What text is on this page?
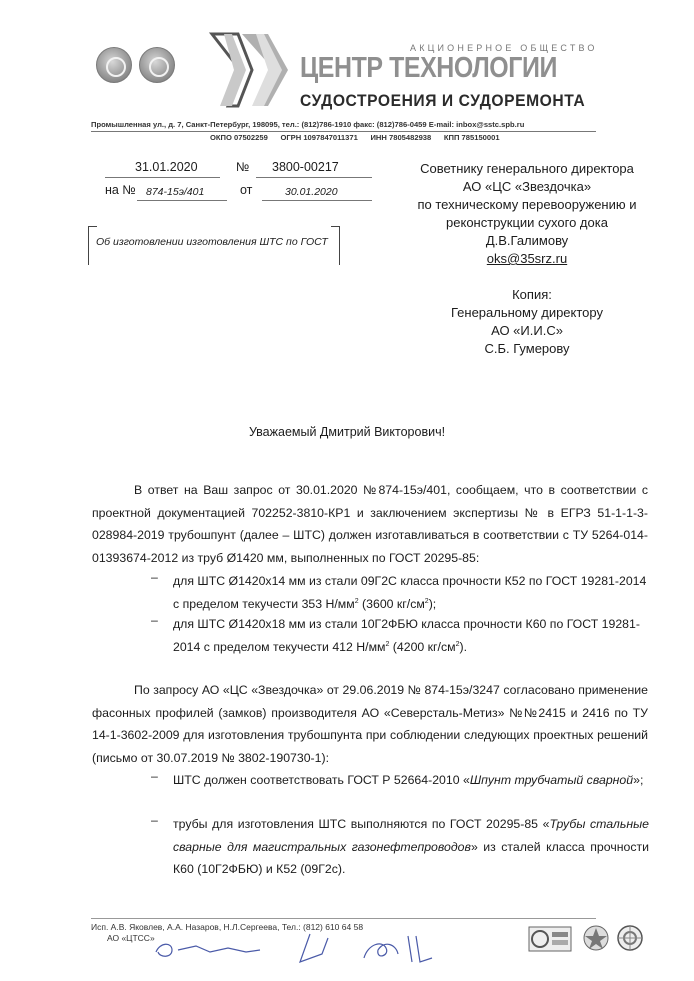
АКЦИОНЕРНОЕ ОБЩЕСТВО
ЦЕНТР ТЕХНОЛОГИИ
СУДОСТРОЕНИЯ И СУДОРЕМОНТА
Промышленная ул., д. 7, Санкт-Петербург, 198095, тел.: (812)786-1910 факс: (812)786-0459 E-mail: inbox@sstc.spb.ru
ОКПО 07502259      ОГРН 1097847011371      ИНН 7805482938      КПП 785150001
31.01.2020	№ 3800-00217
на № 874-15э/401	от	30.01.2020
Об изготовлении изготовления ШТС по ГОСТ
Советнику генерального директора
АО «ЦС «Звездочка»
по техническому перевооружению и
реконструкции сухого дока
Д.В.Галимову
oks@35srz.ru
Копия:
Генеральному директору
АО «И.И.С»
С.Б. Гумерову
Уважаемый Дмитрий Викторович!
В ответ на Ваш запрос от 30.01.2020 №874-15э/401, сообщаем, что в соответствии с проектной документацией 702252-3810-КР1 и заключением экспертизы № в ЕГРЗ 51-1-1-3-028984-2019 трубошпунт (далее – ШТС) должен изготавливаться в соответствии с ТУ 5264-014-01393674-2012 из труб Ø1420 мм, выполненных по ГОСТ 20295-85:
– для ШТС Ø1420х14 мм из стали 09Г2С класса прочности К52 по ГОСТ 19281-2014 с пределом текучести 353 $Н/мм^2$ (3600 $кг/см^2$);
– для ШТС Ø1420х18 мм из стали 10Г2ФБЮ класса прочности К60 по ГОСТ 19281-2014 с пределом текучести 412 $Н/мм^2$ (4200 $кг/см^2$).
По запросу АО «ЦС «Звездочка» от 29.06.2019 № 874-15э/3247 согласовано применение фасонных профилей (замков) производителя АО «Северсталь-Метиз» №№2415 и 2416 по ТУ 14-1-3602-2009 для изготовления трубошпунта при соблюдении следующих проектных решений (письмо от 30.07.2019 № 3802-190730-1):
– ШТС должен соответствовать ГОСТ Р 52664-2010 «Шпунт трубчатый сварной»;
– трубы для изготовления ШТС выполняются по ГОСТ 20295-85 «Трубы стальные сварные для магистральных газонефтепроводов» из сталей класса прочности К60 (10Г2ФБЮ) и К52 (09Г2с).
Исп. А.В. Яковлев, А.А. Назаров, Н.Л.Сергеева, Тел.: (812) 610 64 58
АО «ЦТСС»
